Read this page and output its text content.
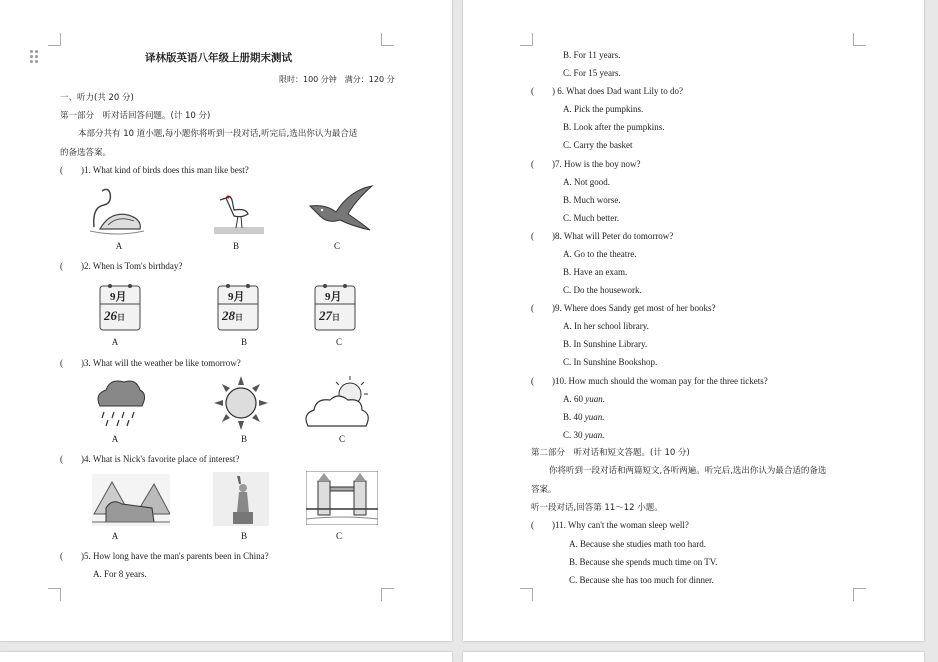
译林版英语八年级上册期末测试
限时：100 分钟　满分：120 分
一、听力(共 20 分)
第一部分　听对话回答问题。(计 10 分)
本部分共有 10 道小题,每小题你将听到一段对话,听完后,选出你认为最合适
的备选答案。
(　　)1. What kind of birds does this man like best?
A	B	C
(　　)2. When is Tom's birthday?
9月
26日
9月
28日
9月
27日
A	B	C
(　　)3. What will the weather be like tomorrow?
A	B	C
(　　)4. What is Nick's favorite place of interest?
A	B	C
(　　)5. How long have the man's parents been in China?
A. For 8 years.
B. For 11 years.
C. For 15 years.
(　　) 6. What does Dad want Lily to do?
A. Pick the pumpkins.
B. Look after the pumpkins.
C. Carry the basket
(　　)7. How is the boy now?
A. Not good.
B. Much worse.
C. Much better.
(　　)8. What will Peter do tomorrow?
A. Go to the theatre.
B. Have an exam.
C. Do the housework.
(　　)9. Where does Sandy get most of her books?
A. In her school library.
B. In Sunshine Library.
C. In Sunshine Bookshop.
(　　)10. How much should the woman pay for the three tickets?
A. 60 yuan.
B. 40 yuan.
C. 30 yuan.
第二部分　听对话和短文答题。(计 10 分)
你将听到一段对话和两篇短文,各听两遍。听完后,选出你认为最合适的备选
答案。
听一段对话,回答第 11～12 小题。
(　　)11. Why can't the woman sleep well?
A. Because she studies math too hard.
B. Because she spends much time on TV.
C. Because she has too much for dinner.
